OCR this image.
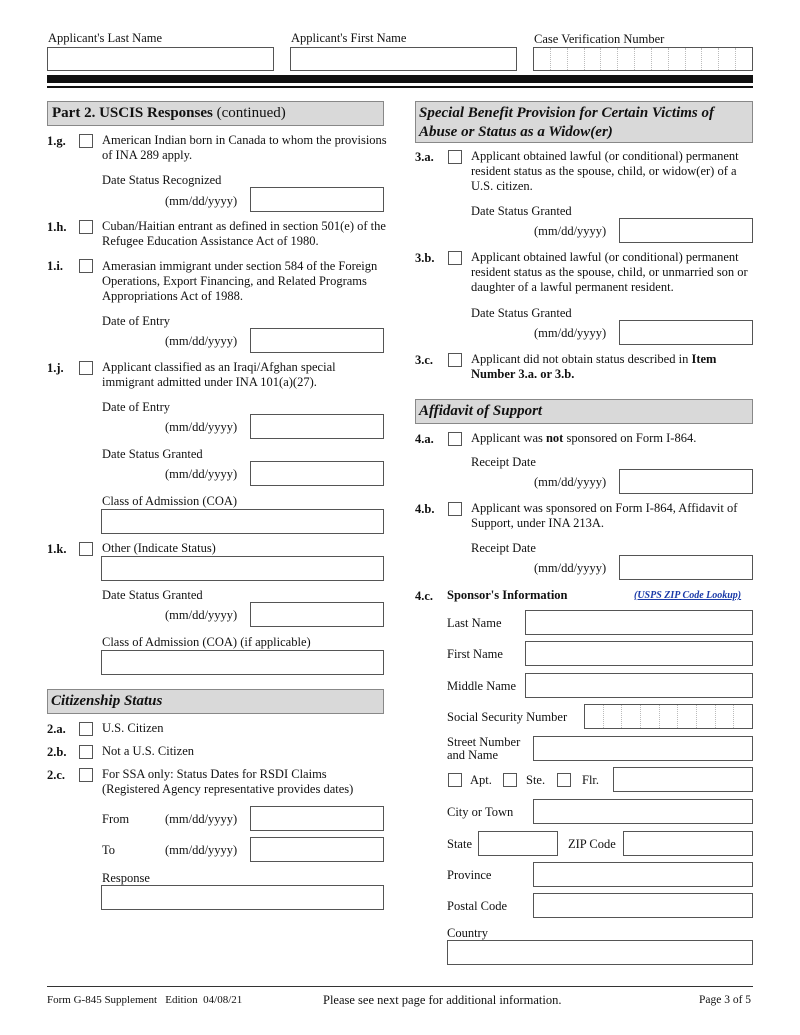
Applicant's Last Name	Applicant's First Name	Case Verification Number
Part 2. USCIS Responses (continued)
1.g.	American Indian born in Canada to whom the provisions of INA 289 apply.
Date Status Recognized
(mm/dd/yyyy)
1.h.	Cuban/Haitian entrant as defined in section 501(e) of the Refugee Education Assistance Act of 1980.
1.i.	Amerasian immigrant under section 584 of the Foreign Operations, Export Financing, and Related Programs Appropriations Act of 1988.
Date of Entry
(mm/dd/yyyy)
1.j.	Applicant classified as an Iraqi/Afghan special immigrant admitted under INA 101(a)(27).
Date of Entry
(mm/dd/yyyy)
Date Status Granted
(mm/dd/yyyy)
Class of Admission (COA)
1.k.	Other (Indicate Status)
Date Status Granted
(mm/dd/yyyy)
Class of Admission (COA) (if applicable)
Citizenship Status
2.a.	U.S. Citizen
2.b.	Not a U.S. Citizen
2.c.	For SSA only: Status Dates for RSDI Claims (Registered Agency representative provides dates)
From	(mm/dd/yyyy)
To	(mm/dd/yyyy)
Response
Special Benefit Provision for Certain Victims of Abuse or Status as a Widow(er)
3.a.	Applicant obtained lawful (or conditional) permanent resident status as the spouse, child, or widow(er) of a U.S. citizen.
Date Status Granted
(mm/dd/yyyy)
3.b.	Applicant obtained lawful (or conditional) permanent resident status as the spouse, child, or unmarried son or daughter of a lawful permanent resident.
Date Status Granted
(mm/dd/yyyy)
3.c.	Applicant did not obtain status described in Item Number 3.a. or 3.b.
Affidavit of Support
4.a.	Applicant was not sponsored on Form I-864.
Receipt Date
(mm/dd/yyyy)
4.b.	Applicant was sponsored on Form I-864, Affidavit of Support, under INA 213A.
Receipt Date
(mm/dd/yyyy)
4.c. Sponsor's Information	(USPS ZIP Code Lookup)
Last Name
First Name
Middle Name
Social Security Number
Street Number and Name
Apt.	Ste.	Flr.
City or Town
State	ZIP Code
Province
Postal Code
Country
Form G-845 Supplement   Edition  04/08/21	Please see next page for additional information.	Page 3 of 5
